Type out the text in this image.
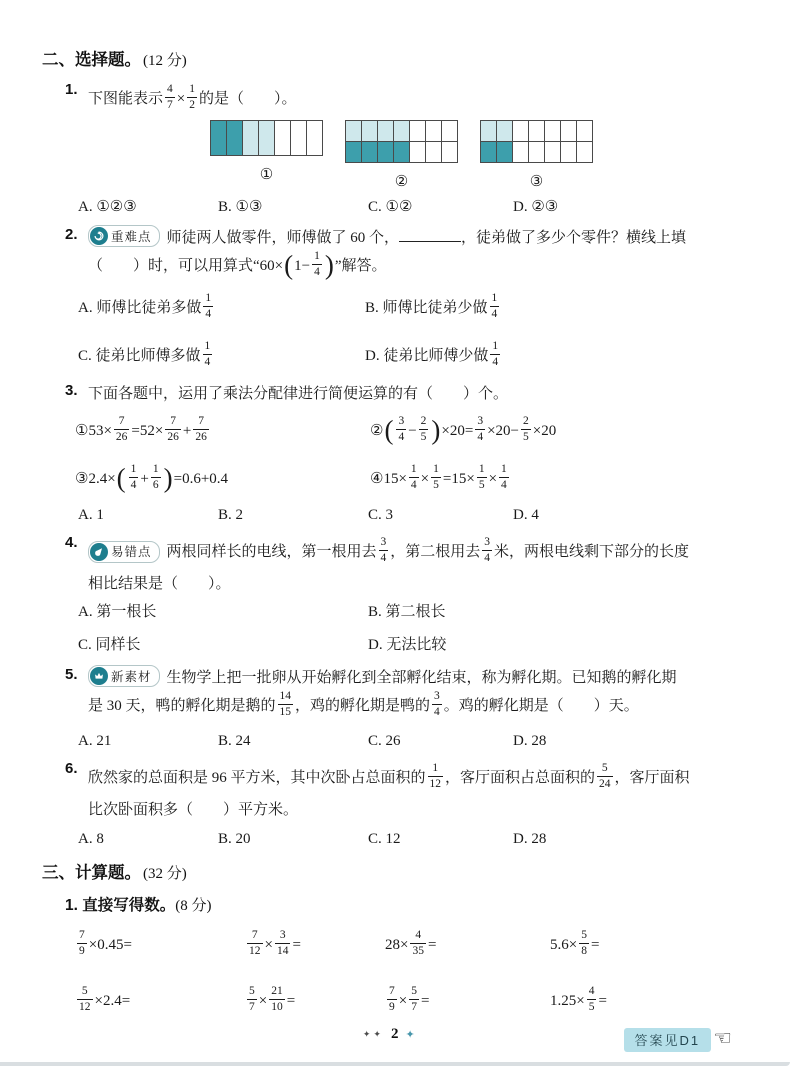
二、选择题。 (12 分)
1.
下图能表示 $\frac{4}{7} \times \frac{1}{2}$ 的是（　　）。
①	②	③
A. ①②③	B. ①③	C. ①②	D. ②③
2.	重难点 师徒两人做零件，师傅做了 60 个，	，徒弟做了多少个零件？横线上填
（　　）时，可以用算式“$60\times(1- \frac{1}{4}$ )”解答。
A. 师傅比徒弟多做 $\frac{1}{4}$	B. 师傅比徒弟少做 $\frac{1}{4}$
C. 徒弟比师傅多做 $\frac{1}{4}$	D. 徒弟比师傅少做 $\frac{1}{4}$
3. 下面各题中，运用了乘法分配律进行简便运算的有（　　）个。
①53× $\frac{7}{26} =52\times \frac{7}{26} + \frac{7}{26}$	②( $\frac{3}{4} - \frac{2}{5} )\times 20= \frac{3}{4} \times 20- \frac{2}{5} \times 20$
③2.4×( $\frac{1}{4} + \frac{1}{6} )=0.6+0.4$	④15× $\frac{1}{4} \times \frac{1}{5} =15\times \frac{1}{5} \times \frac{1}{4}$
A. 1	B. 2	C. 3	D. 4
4.
易错点 两根同样长的电线，第一根用去 $\frac{3}{4}$ ，第二根用去 $\frac{3}{4}$ 米，两根电线剩下部分的长度
相比结果是（　　）。
A. 第一根长	B. 第二根长
C. 同样长	D. 无法比较
5.	新素材 生物学上把一批卵从开始孵化到全部孵化结束，称为孵化期。已知鹅的孵化期
是 30 天，鸭的孵化期是鹅的 $\frac{14}{15}$ ，鸡的孵化期是鸭的 $\frac{3}{4}$ 。鸡的孵化期是（　　）天。
A. 21	B. 24	C. 26	D. 28
6.
欣然家的总面积是 96 平方米，其中次卧占总面积的 $\frac{1}{12}$ ，客厅面积占总面积的 $\frac{5}{24}$ ，客厅面积
比次卧面积多（　　）平方米。
A. 8	B. 20	C. 12	D. 28
三、计算题。 (32 分)
1. 直接写得数。(8 分)
$\frac{7}{9} \times 0.45=$	$\frac{7}{12} \times \frac{3}{14}$ =	$28\times \frac{4}{35}$ =	$5.6\times \frac{5}{8}$ =
$\frac{5}{12} \times 2.4=$	$\frac{5}{7} \times \frac{21}{10}$ =	$\frac{7}{9} \times \frac{5}{7}$ =	$1.25\times \frac{4}{5}$ =
✦✦ 2 ✦	答案见D1 ☜
